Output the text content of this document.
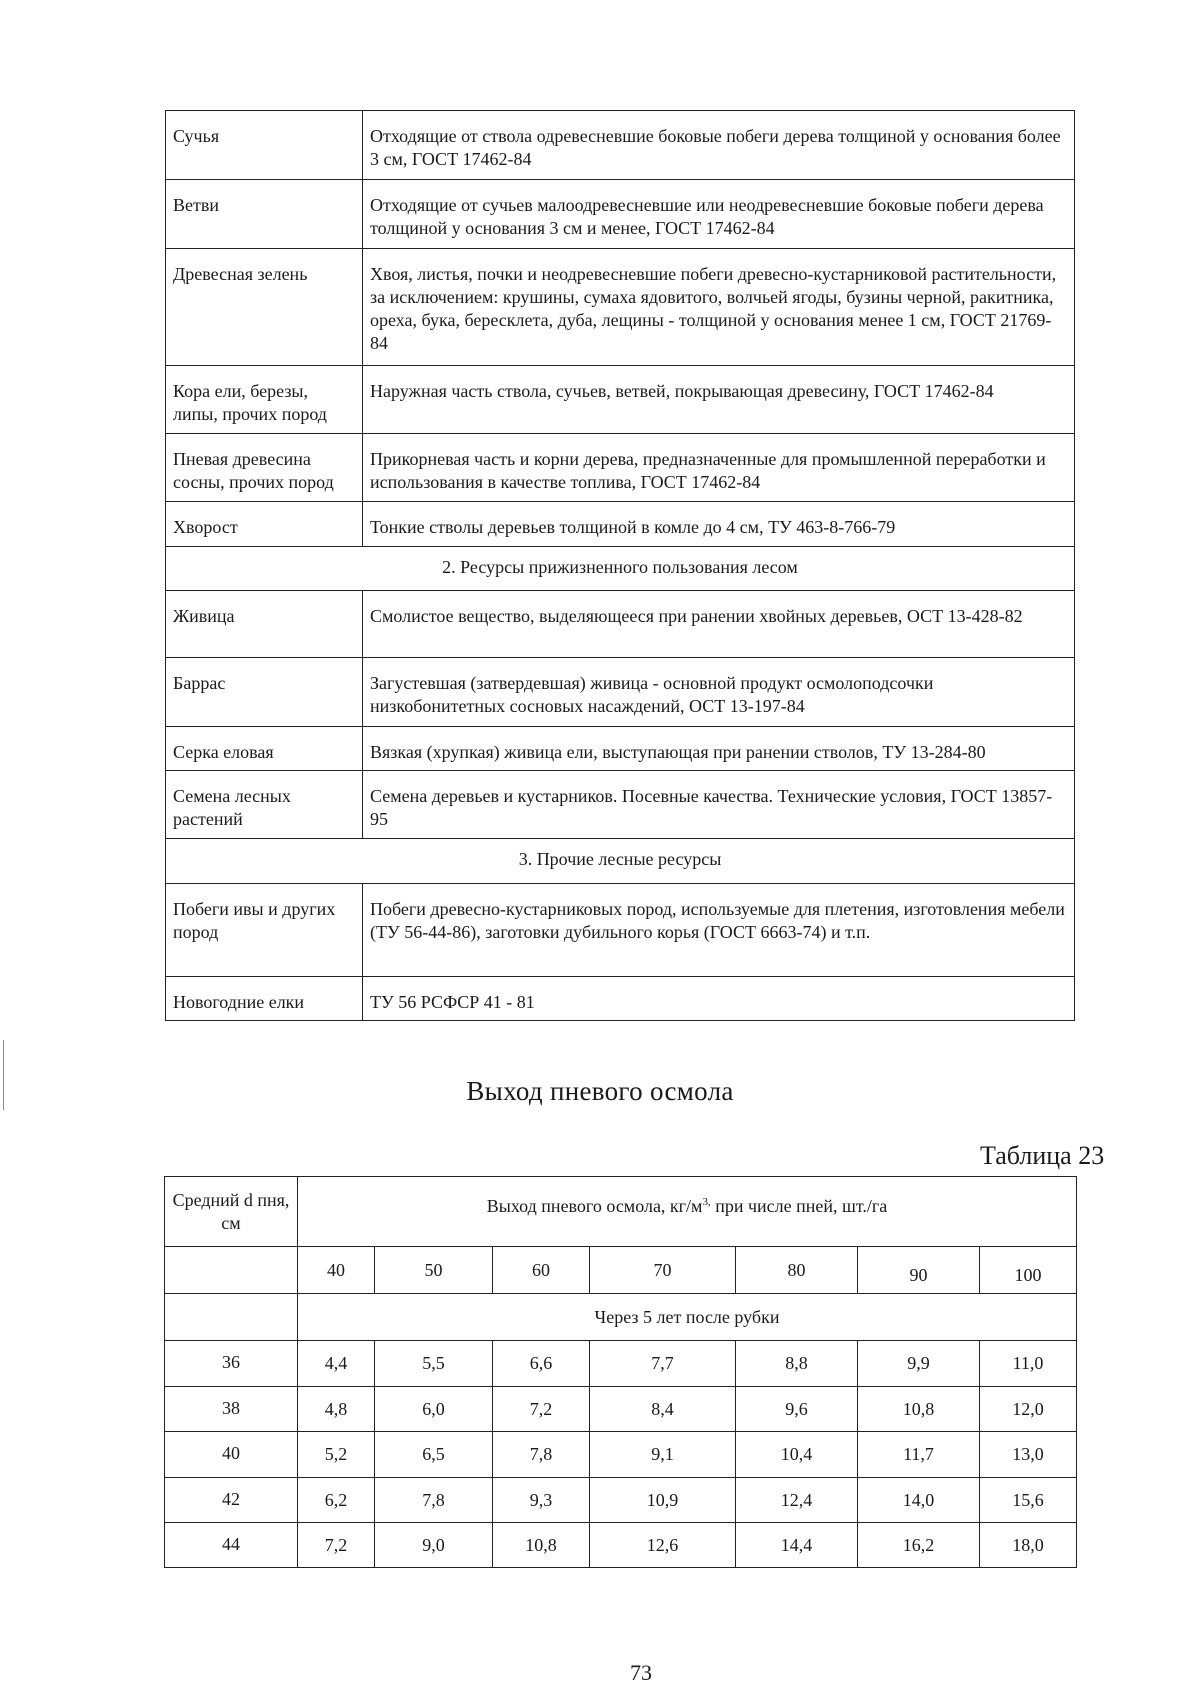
Сучья	Отходящие от ствола одревесневшие боковые побеги дерева толщиной у основания более 3 см, ГОСТ 17462-84
Ветви	Отходящие от сучьев малоодревесневшие или неодревесневшие боковые побеги дерева толщиной у основания 3 см и менее, ГОСТ 17462-84
Древесная зелень	Хвоя, листья, почки и неодревесневшие побеги древесно-кустарниковой растительности, за исключением: крушины, сумаха ядовитого, волчьей ягоды, бузины черной, ракитника, ореха, бука, бересклета, дуба, лещины - толщиной у основания менее 1 см, ГОСТ 21769-84
Кора ели, березы, липы, прочих пород	Наружная часть ствола, сучьев, ветвей, покрывающая древесину, ГОСТ 17462-84
Пневая древесина сосны, прочих пород	Прикорневая часть и корни дерева, предназначенные для промышленной переработки и использования в качестве топлива, ГОСТ 17462-84
Хворост	Тонкие стволы деревьев толщиной в комле до 4 см, ТУ 463-8-766-79
2. Ресурсы прижизненного пользования лесом	
Живица	Смолистое вещество, выделяющееся при ранении хвойных деревьев, ОСТ 13-428-82
Баррас	Загустевшая (затвердевшая) живица - основной продукт осмолоподсочки низкобонитетных сосновых насаждений, ОСТ 13-197-84
Серка еловая	Вязкая (хрупкая) живица ели, выступающая при ранении стволов, ТУ 13-284-80
Семена лесных растений	Семена деревьев и кустарников. Посевные качества. Технические условия, ГОСТ 13857-95
3. Прочие лесные ресурсы	
Побеги ивы и других пород	Побеги древесно-кустарниковых пород, используемые для плетения, изготовления мебели (ТУ 56-44-86), заготовки дубильного корья (ГОСТ 6663-74) и т.п.
Новогодние елки	ТУ 56 РСФСР 41 - 81
Выход пневого осмола
Таблица 23
Средний d пня, см	Выход пневого осмола, $кг/м^{3,}$ при числе пней, шт./га						
	40	50	60	70	80	90	100
	Через 5 лет после рубки						
36	4,4	5,5	6,6	7,7	8,8	9,9	11,0
38	4,8	6,0	7,2	8,4	9,6	10,8	12,0
40	5,2	6,5	7,8	9,1	10,4	11,7	13,0
42	6,2	7,8	9,3	10,9	12,4	14,0	15,6
44	7,2	9,0	10,8	12,6	14,4	16,2	18,0
73
